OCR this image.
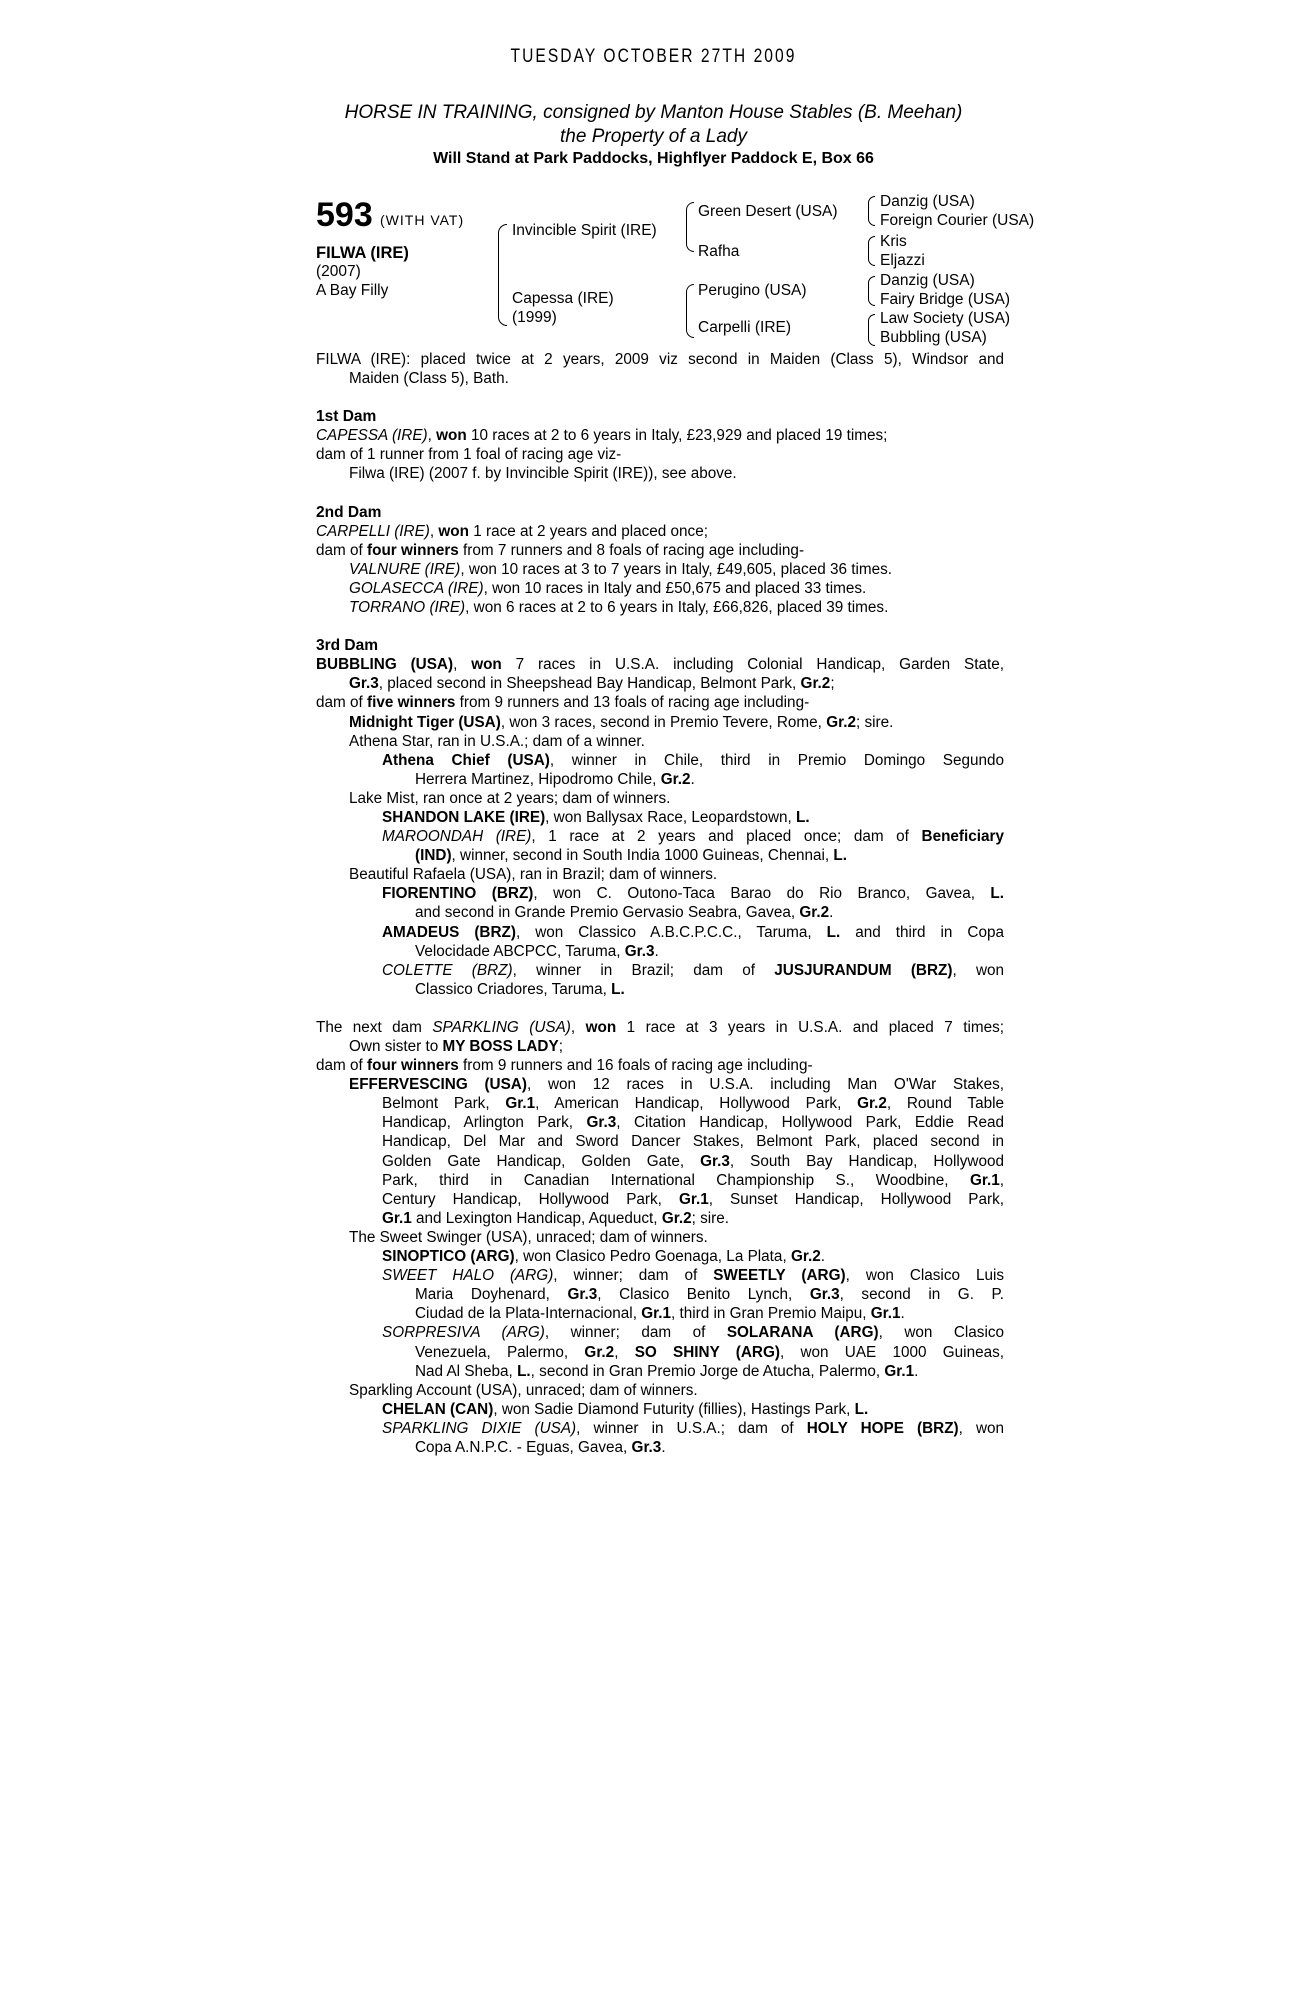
TUESDAY OCTOBER 27TH 2009
HORSE IN TRAINING, consigned by Manton House Stables (B. Meehan)
the Property of a Lady
Will Stand at Park Paddocks, Highflyer Paddock E, Box 66
593 (WITH VAT)
FILWA (IRE)
(2007)
A Bay Filly
Invincible Spirit (IRE)
Capessa (IRE)
(1999)
Green Desert (USA)
Rafha
Perugino (USA)
Carpelli (IRE)
Danzig (USA)
Foreign Courier (USA)
Kris
Eljazzi
Danzig (USA)
Fairy Bridge (USA)
Law Society (USA)
Bubbling (USA)
FILWA (IRE): placed twice at 2 years, 2009 viz second in Maiden (Class 5), Windsor and
Maiden (Class 5), Bath.
1st Dam
CAPESSA (IRE), won 10 races at 2 to 6 years in Italy, £23,929 and placed 19 times;
dam of 1 runner from 1 foal of racing age viz-
Filwa (IRE) (2007 f. by Invincible Spirit (IRE)), see above.
2nd Dam
CARPELLI (IRE), won 1 race at 2 years and placed once;
dam of four winners from 7 runners and 8 foals of racing age including-
VALNURE (IRE), won 10 races at 3 to 7 years in Italy, £49,605, placed 36 times.
GOLASECCA (IRE), won 10 races in Italy and £50,675 and placed 33 times.
TORRANO (IRE), won 6 races at 2 to 6 years in Italy, £66,826, placed 39 times.
3rd Dam
BUBBLING (USA), won 7 races in U.S.A. including Colonial Handicap, Garden State,
Gr.3, placed second in Sheepshead Bay Handicap, Belmont Park, Gr.2;
dam of five winners from 9 runners and 13 foals of racing age including-
Midnight Tiger (USA), won 3 races, second in Premio Tevere, Rome, Gr.2; sire.
Athena Star, ran in U.S.A.; dam of a winner.
Athena Chief (USA), winner in Chile, third in Premio Domingo Segundo
Herrera Martinez, Hipodromo Chile, Gr.2.
Lake Mist, ran once at 2 years; dam of winners.
SHANDON LAKE (IRE), won Ballysax Race, Leopardstown, L.
MAROONDAH (IRE), 1 race at 2 years and placed once; dam of Beneficiary
(IND), winner, second in South India 1000 Guineas, Chennai, L.
Beautiful Rafaela (USA), ran in Brazil; dam of winners.
FIORENTINO (BRZ), won C. Outono-Taca Barao do Rio Branco, Gavea, L.
and second in Grande Premio Gervasio Seabra, Gavea, Gr.2.
AMADEUS (BRZ), won Classico A.B.C.P.C.C., Taruma, L. and third in Copa
Velocidade ABCPCC, Taruma, Gr.3.
COLETTE (BRZ), winner in Brazil; dam of JUSJURANDUM (BRZ), won
Classico Criadores, Taruma, L.
The next dam SPARKLING (USA), won 1 race at 3 years in U.S.A. and placed 7 times;
Own sister to MY BOSS LADY;
dam of four winners from 9 runners and 16 foals of racing age including-
EFFERVESCING (USA), won 12 races in U.S.A. including Man O'War Stakes,
Belmont Park, Gr.1, American Handicap, Hollywood Park, Gr.2, Round Table
Handicap, Arlington Park, Gr.3, Citation Handicap, Hollywood Park, Eddie Read
Handicap, Del Mar and Sword Dancer Stakes, Belmont Park, placed second in
Golden Gate Handicap, Golden Gate, Gr.3, South Bay Handicap, Hollywood
Park, third in Canadian International Championship S., Woodbine, Gr.1,
Century Handicap, Hollywood Park, Gr.1, Sunset Handicap, Hollywood Park,
Gr.1 and Lexington Handicap, Aqueduct, Gr.2; sire.
The Sweet Swinger (USA), unraced; dam of winners.
SINOPTICO (ARG), won Clasico Pedro Goenaga, La Plata, Gr.2.
SWEET HALO (ARG), winner; dam of SWEETLY (ARG), won Clasico Luis
Maria Doyhenard, Gr.3, Clasico Benito Lynch, Gr.3, second in G. P.
Ciudad de la Plata-Internacional, Gr.1, third in Gran Premio Maipu, Gr.1.
SORPRESIVA (ARG), winner; dam of SOLARANA (ARG), won Clasico
Venezuela, Palermo, Gr.2, SO SHINY (ARG), won UAE 1000 Guineas,
Nad Al Sheba, L., second in Gran Premio Jorge de Atucha, Palermo, Gr.1.
Sparkling Account (USA), unraced; dam of winners.
CHELAN (CAN), won Sadie Diamond Futurity (fillies), Hastings Park, L.
SPARKLING DIXIE (USA), winner in U.S.A.; dam of HOLY HOPE (BRZ), won
Copa A.N.P.C. - Eguas, Gavea, Gr.3.
